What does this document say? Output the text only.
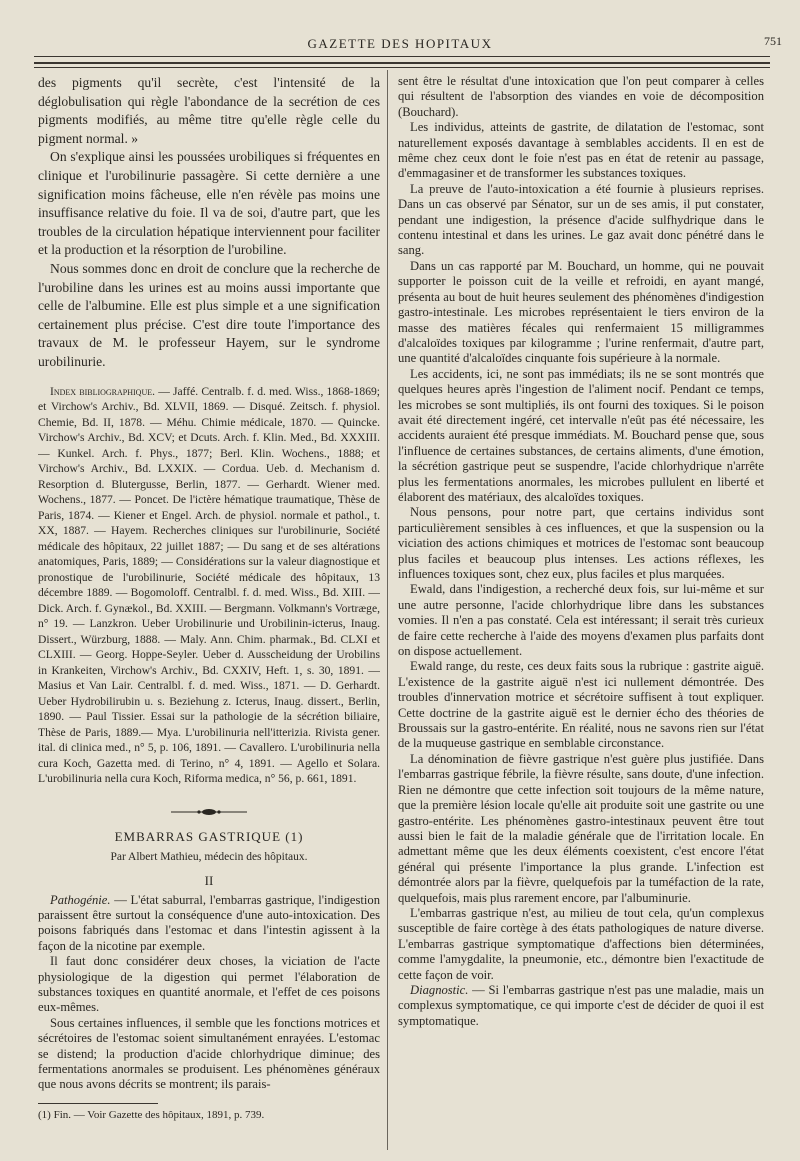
GAZETTE DES HOPITAUX	751

des pigments qu'il secrète, c'est l'intensité de la déglobulisation qui règle l'abondance de la secrétion de ces pigments modifiés, au même titre qu'elle règle celle du pigment normal. »

On s'explique ainsi les poussées urobiliques si fréquentes en clinique et l'urobilinurie passagère. Si cette dernière a une signification moins fâcheuse, elle n'en révèle pas moins une insuffisance relative du foie. Il va de soi, d'autre part, que les troubles de la circulation hépatique interviennent pour faciliter et la production et la résorption de l'urobiline.

Nous sommes donc en droit de conclure que la recherche de l'urobiline dans les urines est au moins aussi importante que celle de l'albumine. Elle est plus simple et a une signification certainement plus précise. C'est dire toute l'importance des travaux de M. le professeur Hayem, sur le syndrome urobilinurie.

Index bibliographique. — Jaffé. Centralb. f. d. med. Wiss., 1868-1869; et Virchow's Archiv., Bd. XLVII, 1869. — Disqué. Zeitsch. f. physiol. Chemie, Bd. II, 1878. — Méhu. Chimie médicale, 1870. — Quincke. Virchow's Archiv., Bd. XCV; et Dcuts. Arch. f. Klin. Med., Bd. XXXIII. — Kunkel. Arch. f. Phys., 1877; Berl. Klin. Wochens., 1888; et Virchow's Archiv., Bd. LXXIX. — Cordua. Ueb. d. Mechanism d. Resorption d. Blutergusse, Berlin, 1877. — Gerhardt. Wiener med. Wochens., 1877. — Poncet. De l'ictère hématique traumatique, Thèse de Paris, 1874. — Kiener et Engel. Arch. de physiol. normale et pathol., t. XX, 1887. — Hayem. Recherches cliniques sur l'urobilinurie, Société médicale des hôpitaux, 22 juillet 1887; — Du sang et de ses altérations anatomiques, Paris, 1889; — Considérations sur la valeur diagnostique et pronostique de l'urobilinurie, Société médicale des hôpitaux, 13 décembre 1889. — Bogomoloff. Centralbl. f. d. med. Wiss., Bd. XIII. — Dick. Arch. f. Gynækol., Bd. XXIII. — Bergmann. Volkmann's Vortræge, n° 19. — Lanzkron. Ueber Urobilinurie und Urobilinin-icterus, Inaug. Dissert., Würzburg, 1888. — Maly. Ann. Chim. pharmak., Bd. CLXI et CLXIII. — Georg. Hoppe-Seyler. Ueber d. Ausscheidung der Urobilins in Krankeiten, Virchow's Archiv., Bd. CXXIV, Heft. 1, s. 30, 1891. — Masius et Van Lair. Centralbl. f. d. med. Wiss., 1871. — D. Gerhardt. Ueber Hydrobilirubin u. s. Beziehung z. Icterus, Inaug. dissert., Berlin, 1890. — Paul Tissier. Essai sur la pathologie de la sécrétion biliaire, Thèse de Paris, 1889.— Mya. L'urobilinuria nell'itterizia. Rivista gener. ital. di clinica med., n° 5, p. 106, 1891. — Cavallero. L'urobilinuria nella cura Koch, Gazetta med. di Terino, n° 4, 1891. — Agello et Solara. L'urobilinuria nella cura Koch, Riforma medica, n° 56, p. 661, 1891.

EMBARRAS GASTRIQUE (1)
Par Albert Mathieu, médecin des hôpitaux.
II

Pathogénie. — L'état saburral, l'embarras gastrique, l'indigestion paraissent être surtout la conséquence d'une auto-intoxication. Des poisons fabriqués dans l'estomac et dans l'intestin agissent à la façon de la nicotine par exemple.

Il faut donc considérer deux choses, la viciation de l'acte physiologique de la digestion qui permet l'élaboration de substances toxiques en quantité anormale, et l'effet de ces poisons eux-mêmes.

Sous certaines influences, il semble que les fonctions motrices et sécrétoires de l'estomac soient simultanément enrayées. L'estomac se distend; la production d'acide chlorhydrique diminue; des fermentations anormales se produisent. Les phénomènes généraux que nous avons décrits se montrent; ils parais-

(1) Fin. — Voir Gazette des hôpitaux, 1891, p. 739.

sent être le résultat d'une intoxication que l'on peut comparer à celles qui résultent de l'absorption des viandes en voie de décomposition (Bouchard).

Les individus, atteints de gastrite, de dilatation de l'estomac, sont naturellement exposés davantage à semblables accidents. Il en est de même chez ceux dont le foie n'est pas en état de retenir au passage, d'emmagasiner et de transformer les substances toxiques.

La preuve de l'auto-intoxication a été fournie à plusieurs reprises. Dans un cas observé par Sénator, sur un de ses amis, il put constater, pendant une indigestion, la présence d'acide sulfhydrique dans le contenu intestinal et dans les urines. Le gaz avait donc pénétré dans le sang.

Dans un cas rapporté par M. Bouchard, un homme, qui ne pouvait supporter le poisson cuit de la veille et refroidi, en ayant mangé, présenta au bout de huit heures seulement des phénomènes d'indigestion gastro-intestinale. Les microbes représentaient le tiers environ de la masse des matières fécales qui renfermaient 15 milligrammes d'alcaloïdes toxiques par kilogramme ; l'urine renfermait, d'autre part, une quantité d'alcaloïdes cinquante fois supérieure à la normale.

Les accidents, ici, ne sont pas immédiats; ils ne se sont montrés que quelques heures après l'ingestion de l'aliment nocif. Pendant ce temps, les microbes se sont multipliés, ils ont fourni des toxiques. Si le poison avait été directement ingéré, cet intervalle n'eût pas été nécessaire, les accidents auraient été presque immédiats. M. Bouchard pense que, sous l'influence de certaines substances, de certains aliments, d'une émotion, la sécrétion gastrique peut se suspendre, l'acide chlorhydrique n'arrête plus les fermentations anormales, les microbes pullulent en liberté et élaborent des matériaux, des alcaloïdes toxiques.

Nous pensons, pour notre part, que certains individus sont particulièrement sensibles à ces influences, et que la suspension ou la viciation des actions chimiques et motrices de l'estomac sont beaucoup plus faciles et beaucoup plus intenses. Les actions réflexes, les influences toxiques sont, chez eux, plus faciles et plus marquées.

Ewald, dans l'indigestion, a recherché deux fois, sur lui-même et sur une autre personne, l'acide chlorhydrique libre dans les substances vomies. Il n'en a pas constaté. Cela est intéressant; il serait très curieux de faire cette recherche à l'aide des moyens d'examen plus parfaits dont on dispose actuellement.

Ewald range, du reste, ces deux faits sous la rubrique : gastrite aiguë. L'existence de la gastrite aiguë n'est ici nullement démontrée. Des troubles d'innervation motrice et sécrétoire suffisent à tout expliquer. Cette doctrine de la gastrite aiguë est le dernier écho des théories de Broussais sur la gastro-entérite. En réalité, nous ne savons rien sur l'état de la muqueuse gastrique en semblable circonstance.

La dénomination de fièvre gastrique n'est guère plus justifiée. Dans l'embarras gastrique fébrile, la fièvre résulte, sans doute, d'une infection. Rien ne démontre que cette infection soit toujours de la même nature, que la première lésion locale qu'elle ait produite soit une gastrite ou une gastro-entérite. Les phénomènes gastro-intestinaux peuvent être tout aussi bien le fait de la maladie générale que de l'irritation locale. En admettant même que les deux éléments coexistent, c'est encore l'état général qui présente l'importance la plus grande. L'infection est démontrée alors par la fièvre, quelquefois par la tuméfaction de la rate, quelquefois, mais plus rarement encore, par l'albuminurie.

L'embarras gastrique n'est, au milieu de tout cela, qu'un complexus susceptible de faire cortège à des états pathologiques de nature diverse. L'embarras gastrique symptomatique d'affections bien déterminées, comme l'amygdalite, la pneumonie, etc., démontre bien l'exactitude de cette façon de voir.

Diagnostic. — Si l'embarras gastrique n'est pas une maladie, mais un complexus symptomatique, ce qui importe c'est de décider de quoi il est symptomatique.
